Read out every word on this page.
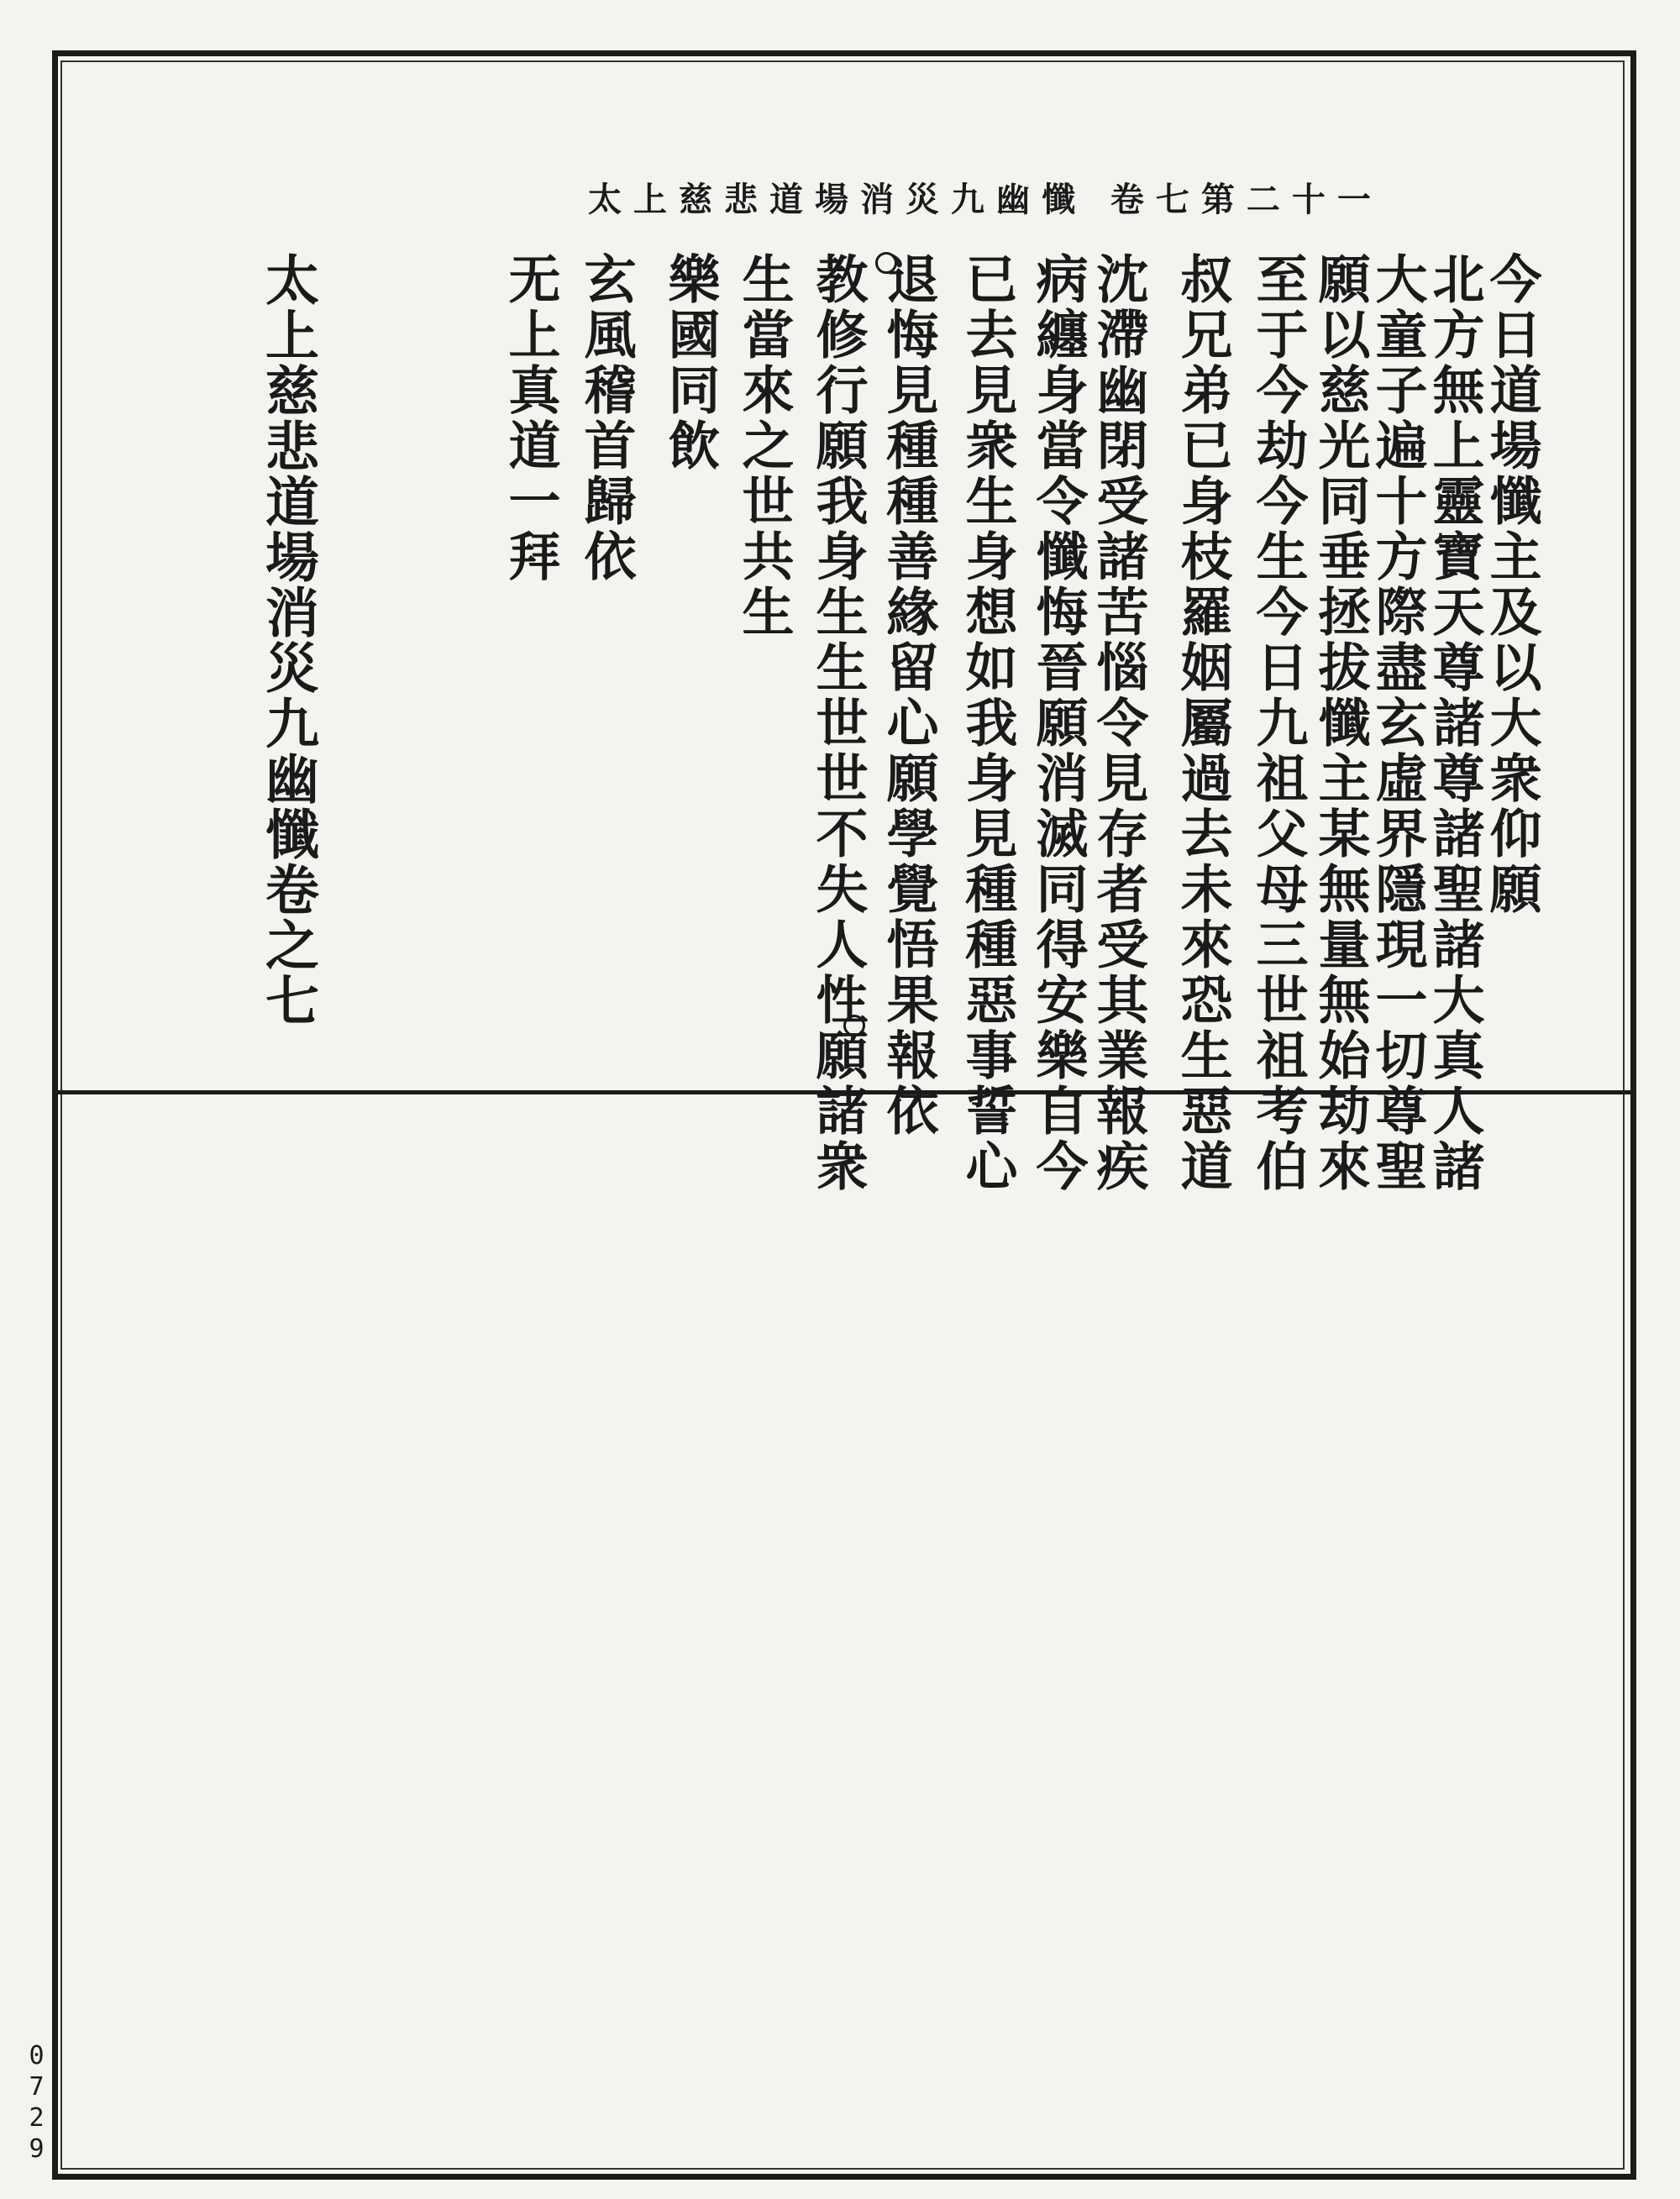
太上慈悲道場消災九幽懺 卷七第二十一
今日道場懺主及以大衆仰願
北方無上靈寶天尊諸尊諸聖諸大真人諸
大童子遍十方際盡玄虛界隱現一切尊聖
願以慈光同垂拯拔懺主某無量無始劫來
至于今劫今生今日九祖父母三世祖考伯
叔兄弟已身枝羅姻屬過去未來恐生惡道
沈滯幽閉受諸苦惱令見存者受其業報疾
病纏身當令懺悔晉願消滅同得安樂自今
已去見衆生身想如我身見種種惡事誓心
退悔見種種善緣留心願學覺悟果報依
教修行願我身生生世世不失人性願諸衆
生當來之世共生
樂國同飲
玄風稽首歸依
无上真道一拜
太上慈悲道場消災九幽懺卷之七
0729
